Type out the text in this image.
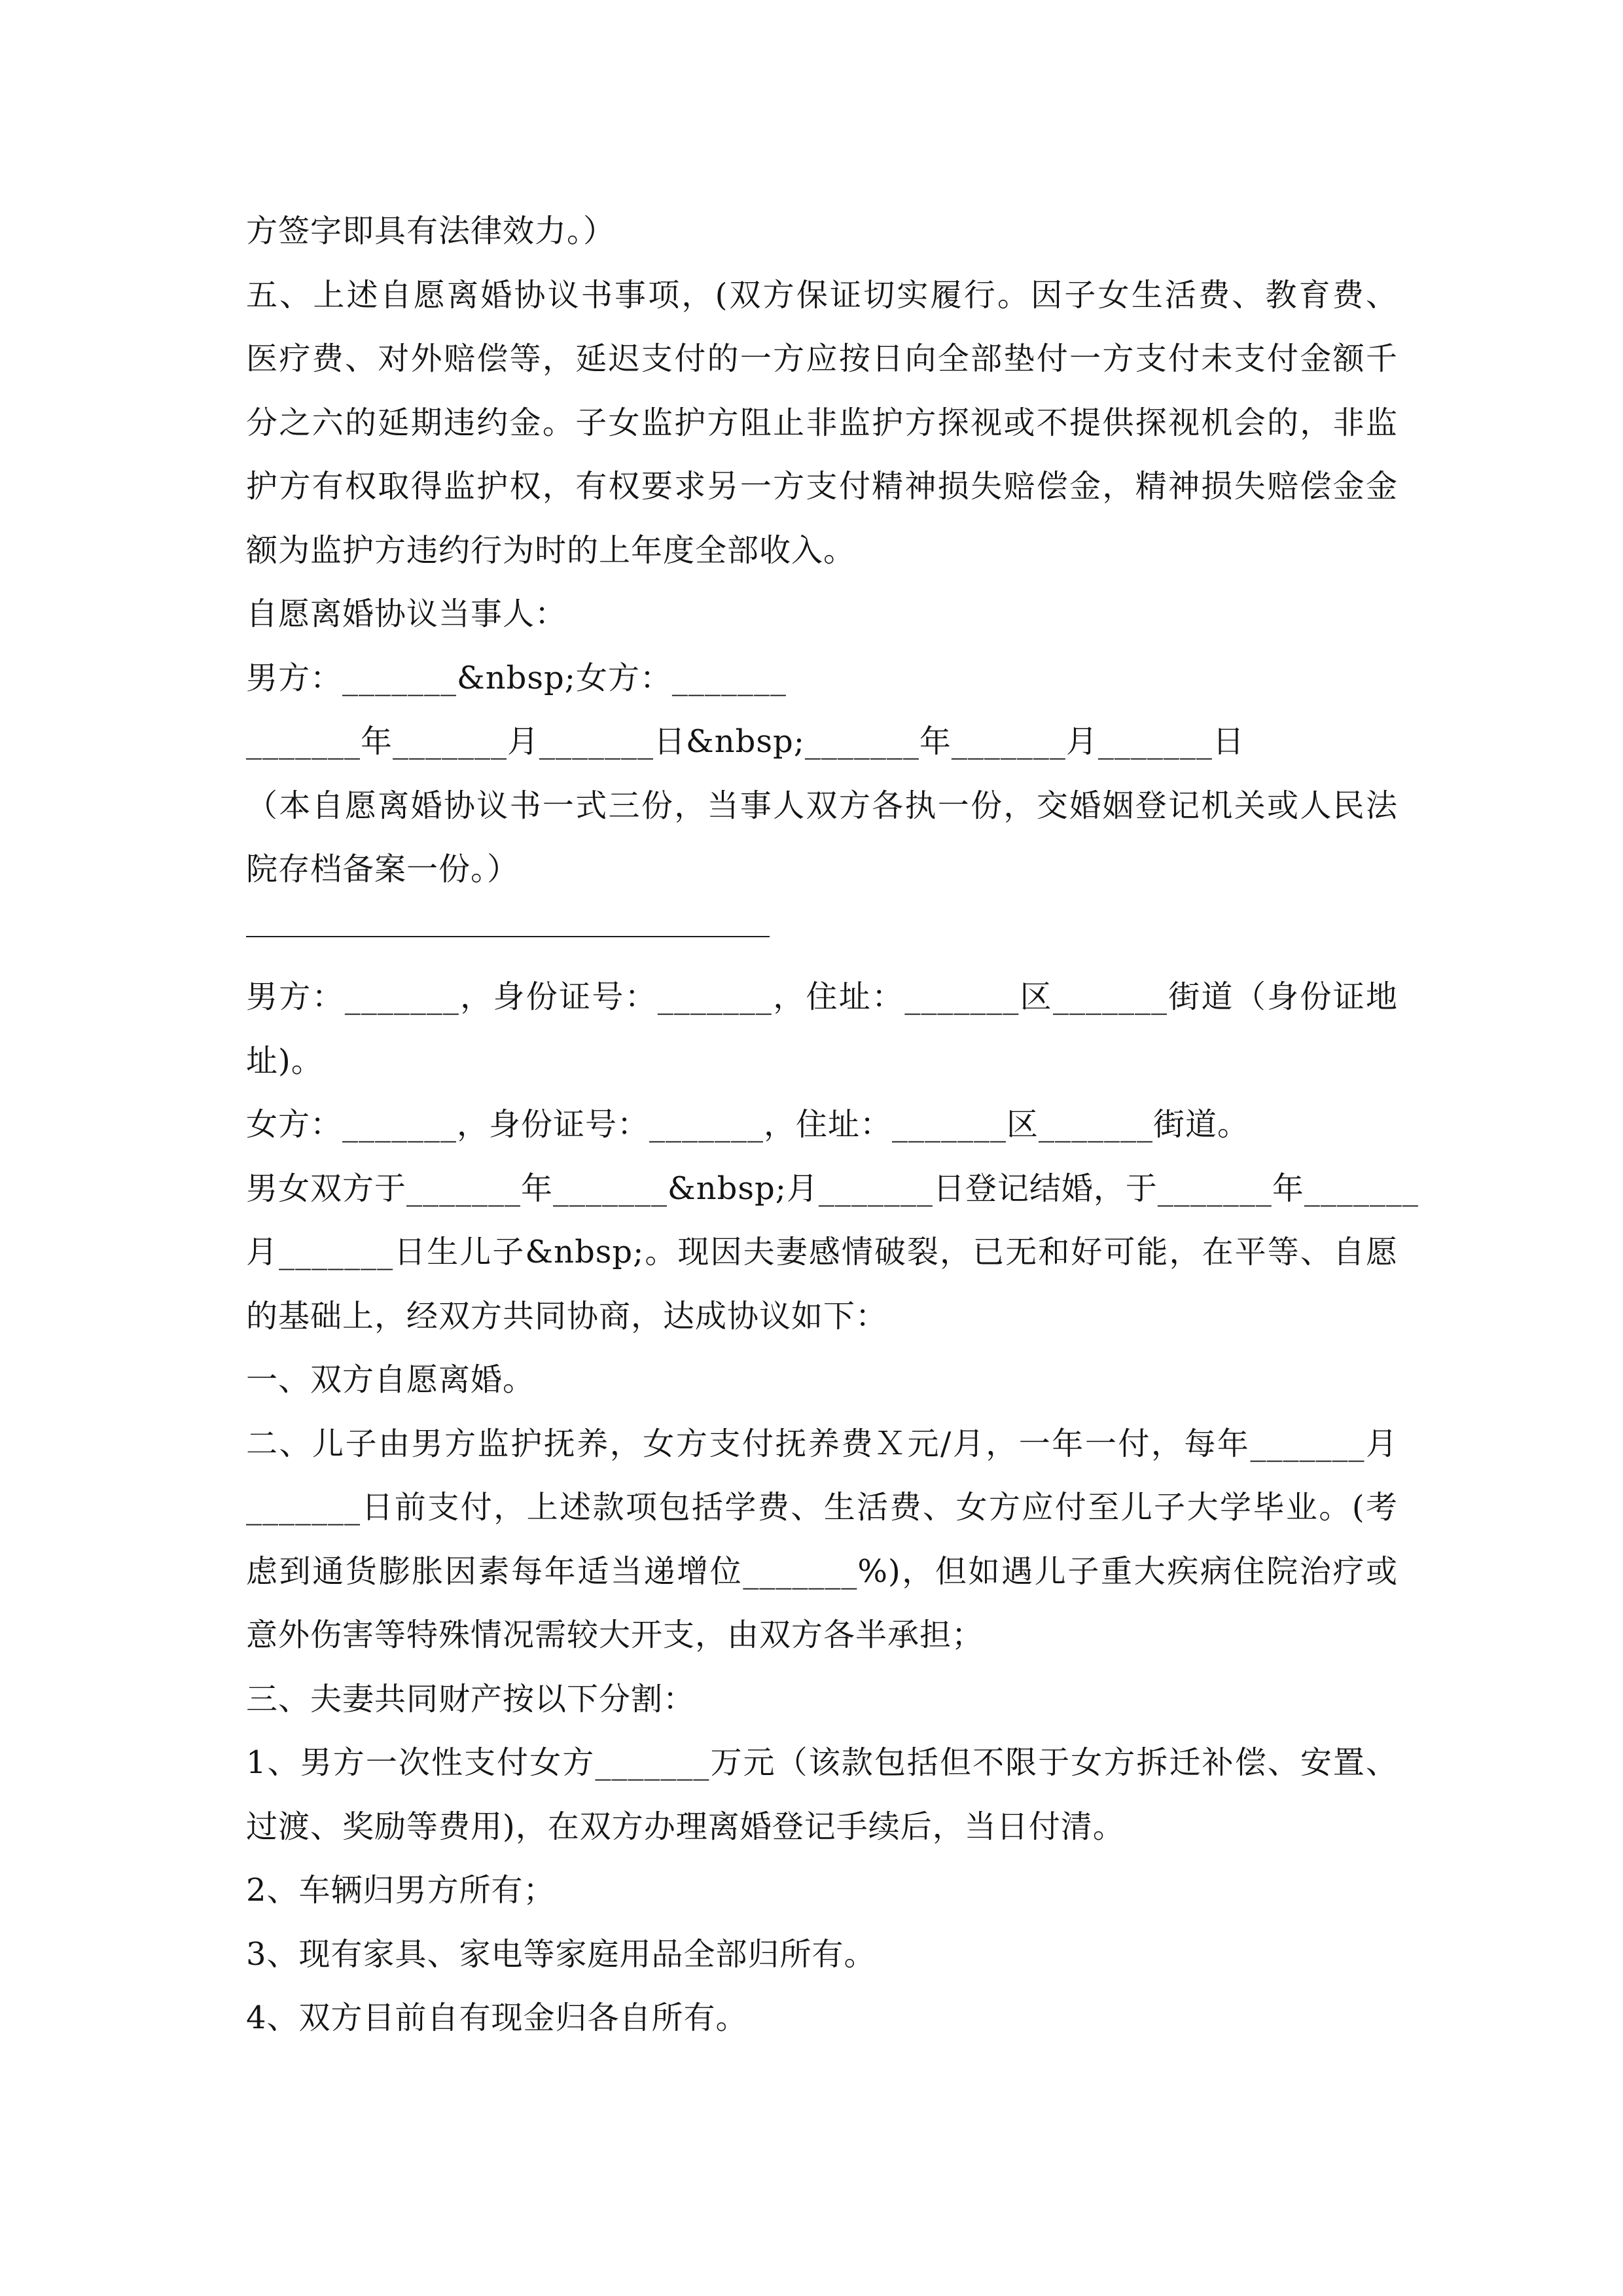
方签字即具有法律效力。）
五、上述自愿离婚协议书事项，(双方保证切实履行。因子女生活费、教育费、
医疗费、对外赔偿等，延迟支付的一方应按日向全部垫付一方支付未支付金额千
分之六的延期违约金。子女监护方阻止非监护方探视或不提供探视机会的，非监
护方有权取得监护权，有权要求另一方支付精神损失赔偿金，精神损失赔偿金金
额为监护方违约行为时的上年度全部收入。
自愿离婚协议当事人：
男方：_______&nbsp;女方：_______
_______年_______月_______日&nbsp;_______年_______月_______日
（本自愿离婚协议书一式三份，当事人双方各执一份，交婚姻登记机关或人民法
院存档备案一份。）
男方：_______，身份证号：_______，住址：_______区_______街道（身份证地
址)。
女方：_______，身份证号：_______，住址：_______区_______街道。
男女双方于_______年_______&nbsp;月_______日登记结婚，于_______年_______
月_______日生儿子&nbsp;。现因夫妻感情破裂，已无和好可能，在平等、自愿
的基础上，经双方共同协商，达成协议如下：
一、双方自愿离婚。
二、儿子由男方监护抚养，女方支付抚养费Ｘ元/月，一年一付，每年_______月
_______日前支付，上述款项包括学费、生活费、女方应付至儿子大学毕业。(考
虑到通货膨胀因素每年适当递增位_______%)，但如遇儿子重大疾病住院治疗或
意外伤害等特殊情况需较大开支，由双方各半承担；
三、夫妻共同财产按以下分割：
1、男方一次性支付女方_______万元（该款包括但不限于女方拆迁补偿、安置、
过渡、奖励等费用)，在双方办理离婚登记手续后，当日付清。
2、车辆归男方所有；
3、现有家具、家电等家庭用品全部归所有。
4、双方目前自有现金归各自所有。
